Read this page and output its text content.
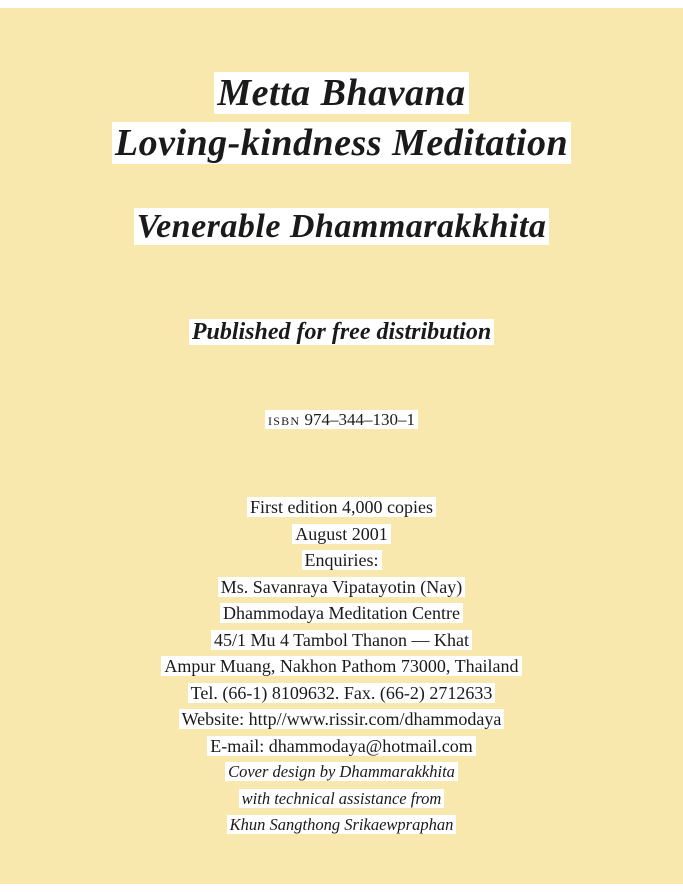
Metta Bhavana
Loving-kindness Meditation
Venerable Dhammarakkhita
Published for free distribution
ISBN 974–344–130–1
First edition 4,000 copies
August 2001
Enquiries:
Ms. Savanraya Vipatayotin (Nay)
Dhammodaya Meditation Centre
45/1 Mu 4 Tambol Thanon — Khat
Ampur Muang, Nakhon Pathom 73000, Thailand
Tel. (66-1) 8109632. Fax. (66-2) 2712633
Website: http//www.rissir.com/dhammodaya
E-mail: dhammodaya@hotmail.com
Cover design by Dhammarakkhita
with technical assistance from
Khun Sangthong Srikaewpraphan
